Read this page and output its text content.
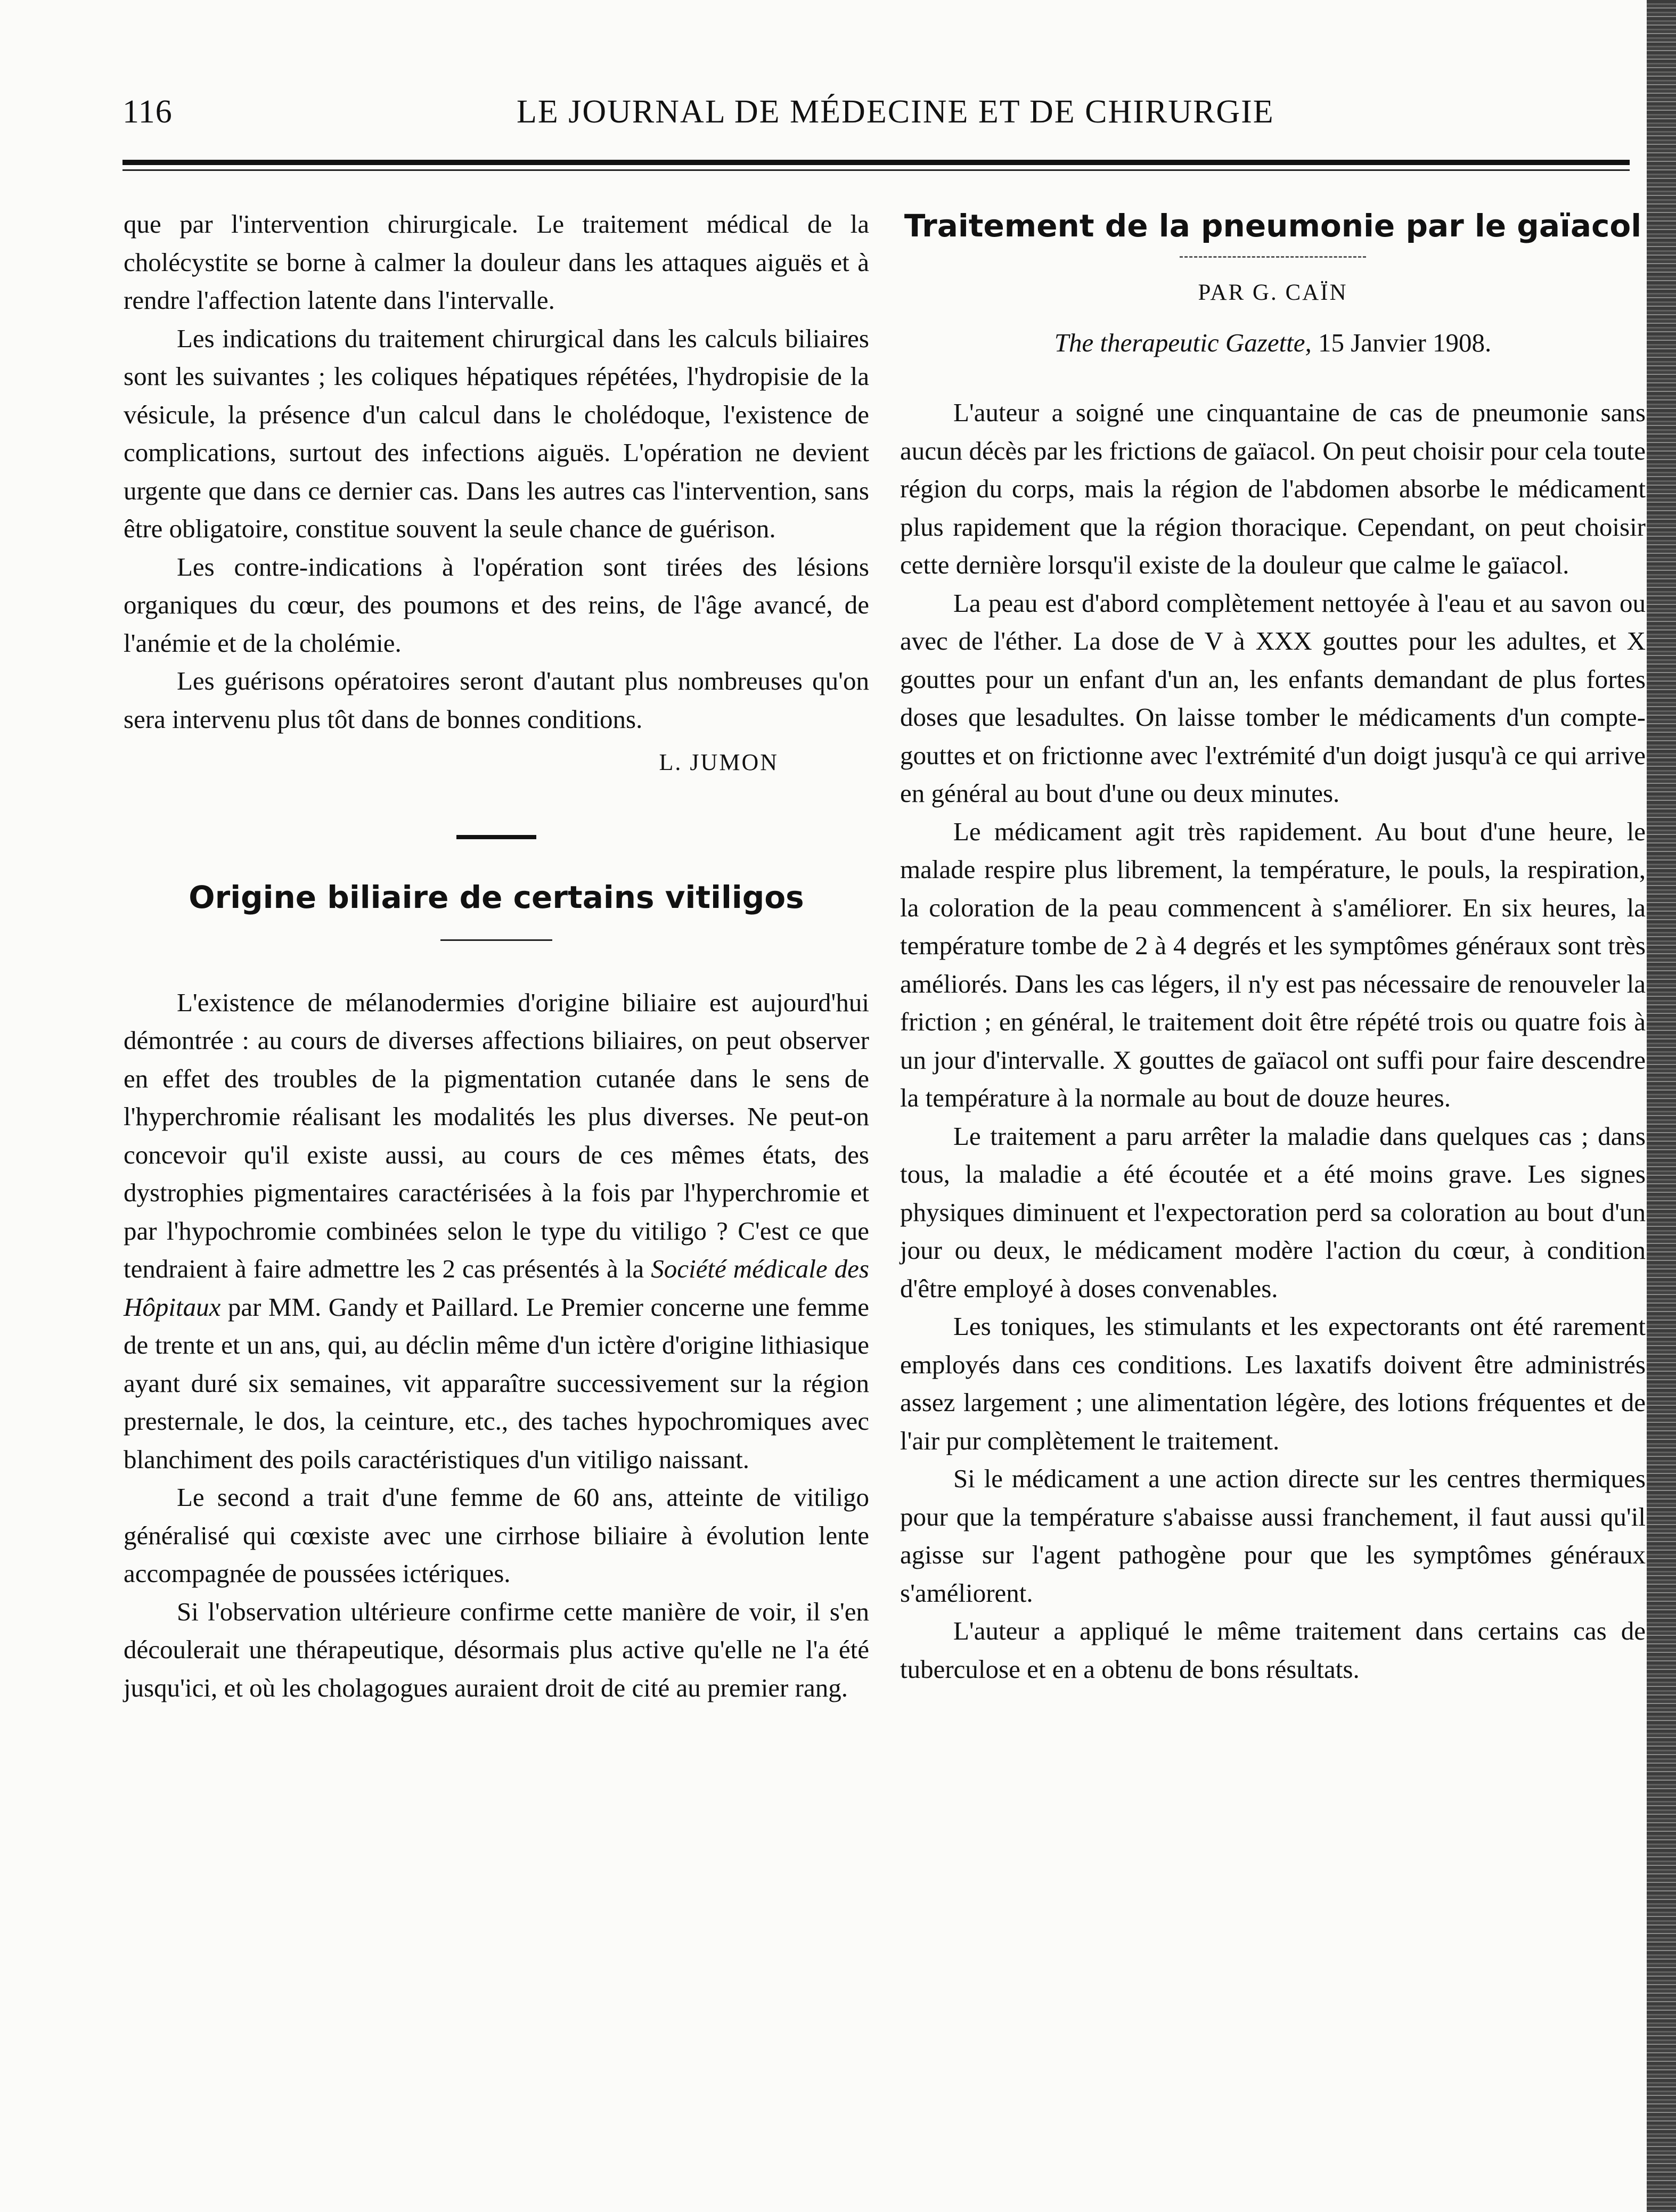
116	LE JOURNAL DE MÉDECINE ET DE CHIRURGIE

que par l'intervention chirurgicale. Le traitement médical de la cholécystite se borne à calmer la douleur dans les attaques aiguës et à rendre l'affection latente dans l'intervalle.

Les indications du traitement chirurgical dans les calculs biliaires sont les suivantes ; les coliques hépatiques répétées, l'hydropisie de la vésicule, la présence d'un calcul dans le cholédoque, l'existence de complications, surtout des infections aiguës. L'opération ne devient urgente que dans ce dernier cas. Dans les autres cas l'intervention, sans être obligatoire, constitue souvent la seule chance de guérison.

Les contre-indications à l'opération sont tirées des lésions organiques du cœur, des poumons et des reins, de l'âge avancé, de l'anémie et de la cholémie.

Les guérisons opératoires seront d'autant plus nombreuses qu'on sera intervenu plus tôt dans de bonnes conditions.

L. JUMON
Origine biliaire de certains vitiligos

L'existence de mélanodermies d'origine biliaire est aujourd'hui démontrée : au cours de diverses affections biliaires, on peut observer en effet des troubles de la pigmentation cutanée dans le sens de l'hyperchromie réalisant les modalités les plus diverses. Ne peut-on concevoir qu'il existe aussi, au cours de ces mêmes états, des dystrophies pigmentaires caractérisées à la fois par l'hyperchromie et par l'hypochromie combinées selon le type du vitiligo ? C'est ce que tendraient à faire admettre les 2 cas présentés à la Société médicale des Hôpitaux par MM. Gandy et Paillard. Le Premier concerne une femme de trente et un ans, qui, au déclin même d'un ictère d'origine lithiasique ayant duré six semaines, vit apparaître successivement sur la région presternale, le dos, la ceinture, etc., des taches hypochromiques avec blanchiment des poils caractéristiques d'un vitiligo naissant.

Le second a trait d'une femme de 60 ans, atteinte de vitiligo généralisé qui cœxiste avec une cirrhose biliaire à évolution lente accompagnée de poussées ictériques.

Si l'observation ultérieure confirme cette manière de voir, il s'en découlerait une thérapeutique, désormais plus active qu'elle ne l'a été jusqu'ici, et où les cholagogues auraient droit de cité au premier rang.

Traitement de la pneumonie par le gaïacol
PAR G. CAÏN
The therapeutic Gazette, 15 Janvier 1908.

L'auteur a soigné une cinquantaine de cas de pneumonie sans aucun décès par les frictions de gaïacol. On peut choisir pour cela toute région du corps, mais la région de l'abdomen absorbe le médicament plus rapidement que la région thoracique. Cependant, on peut choisir cette dernière lorsqu'il existe de la douleur que calme le gaïacol.

La peau est d'abord complètement nettoyée à l'eau et au savon ou avec de l'éther. La dose de V à XXX gouttes pour les adultes, et X gouttes pour un enfant d'un an, les enfants demandant de plus fortes doses que lesadultes. On laisse tomber le médicaments d'un compte-gouttes et on frictionne avec l'extrémité d'un doigt jusqu'à ce qui arrive en général au bout d'une ou deux minutes.

Le médicament agit très rapidement. Au bout d'une heure, le malade respire plus librement, la température, le pouls, la respiration, la coloration de la peau commencent à s'améliorer. En six heures, la température tombe de 2 à 4 degrés et les symptômes généraux sont très améliorés. Dans les cas légers, il n'y est pas nécessaire de renouveler la friction ; en général, le traitement doit être répété trois ou quatre fois à un jour d'intervalle. X gouttes de gaïacol ont suffi pour faire descendre la température à la normale au bout de douze heures.

Le traitement a paru arrêter la maladie dans quelques cas ; dans tous, la maladie a été écoutée et a été moins grave. Les signes physiques diminuent et l'expectoration perd sa coloration au bout d'un jour ou deux, le médicament modère l'action du cœur, à condition d'être employé à doses convenables.

Les toniques, les stimulants et les expectorants ont été rarement employés dans ces conditions. Les laxatifs doivent être administrés assez largement ; une alimentation légère, des lotions fréquentes et de l'air pur complètement le traitement.

Si le médicament a une action directe sur les centres thermiques pour que la température s'abaisse aussi franchement, il faut aussi qu'il agisse sur l'agent pathogène pour que les symptômes généraux s'améliorent.

L'auteur a appliqué le même traitement dans certains cas de tuberculose et en a obtenu de bons résultats.
